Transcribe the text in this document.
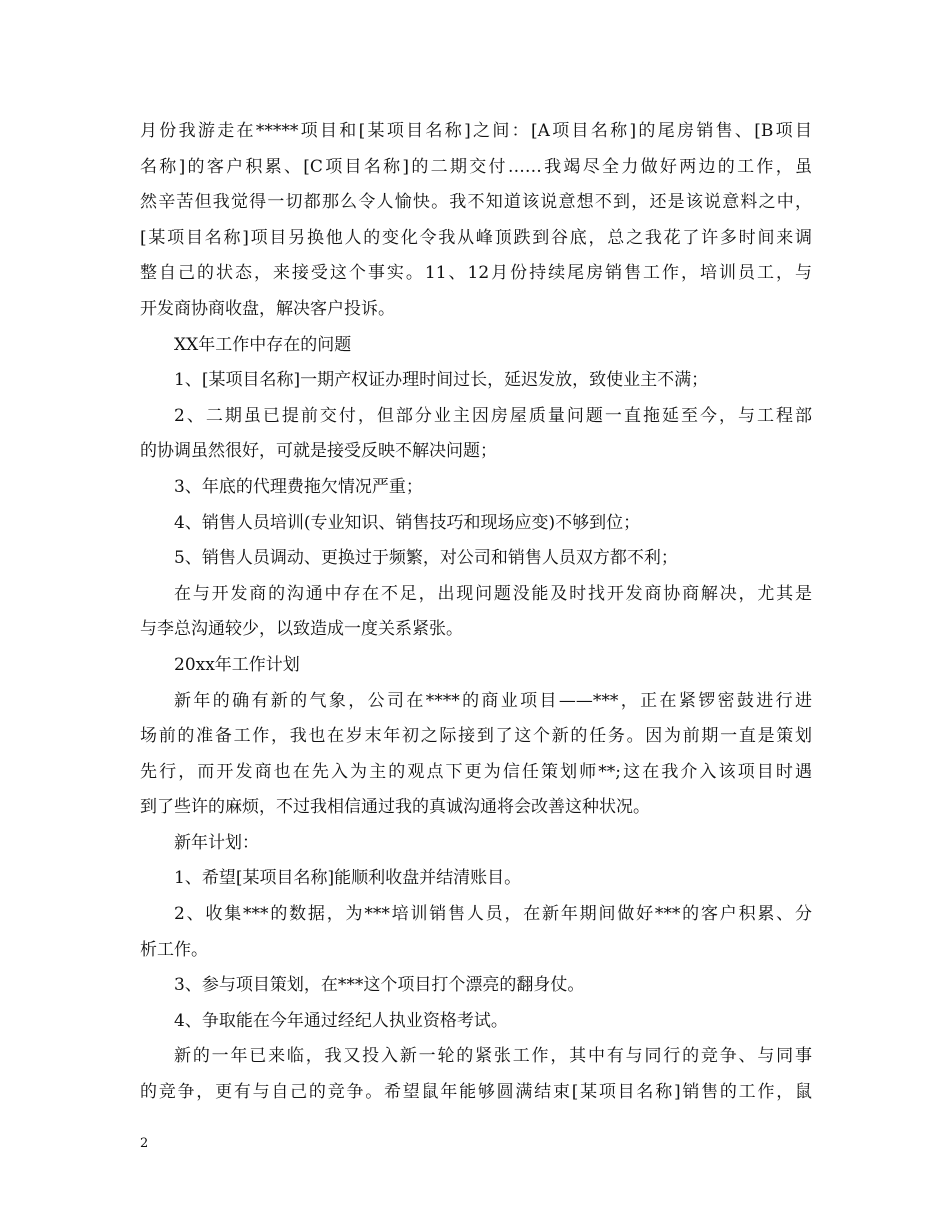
月份我游走在*****项目和[某项目名称]之间：[A项目名称]的尾房销售、[B项目
名称]的客户积累、[C项目名称]的二期交付……我竭尽全力做好两边的工作，虽
然辛苦但我觉得一切都那么令人愉快。我不知道该说意想不到，还是该说意料之中，
[某项目名称]项目另换他人的变化令我从峰顶跌到谷底，总之我花了许多时间来调
整自己的状态，来接受这个事实。11、12月份持续尾房销售工作，培训员工，与
开发商协商收盘，解决客户投诉。
XX年工作中存在的问题
1、[某项目名称]一期产权证办理时间过长，延迟发放，致使业主不满；
2、二期虽已提前交付，但部分业主因房屋质量问题一直拖延至今，与工程部
的协调虽然很好，可就是接受反映不解决问题；
3、年底的代理费拖欠情况严重；
4、销售人员培训(专业知识、销售技巧和现场应变)不够到位；
5、销售人员调动、更换过于频繁，对公司和销售人员双方都不利；
在与开发商的沟通中存在不足，出现问题没能及时找开发商协商解决，尤其是
与李总沟通较少，以致造成一度关系紧张。
20xx年工作计划
新年的确有新的气象，公司在****的商业项目——***，正在紧锣密鼓进行进
场前的准备工作，我也在岁末年初之际接到了这个新的任务。因为前期一直是策划
先行，而开发商也在先入为主的观点下更为信任策划师**;这在我介入该项目时遇
到了些许的麻烦，不过我相信通过我的真诚沟通将会改善这种状况。
新年计划：
1、希望[某项目名称]能顺利收盘并结清账目。
2、收集***的数据，为***培训销售人员，在新年期间做好***的客户积累、分
析工作。
3、参与项目策划，在***这个项目打个漂亮的翻身仗。
4、争取能在今年通过经纪人执业资格考试。
新的一年已来临，我又投入新一轮的紧张工作，其中有与同行的竞争、与同事
的竞争，更有与自己的竞争。希望鼠年能够圆满结束[某项目名称]销售的工作，鼠
2
